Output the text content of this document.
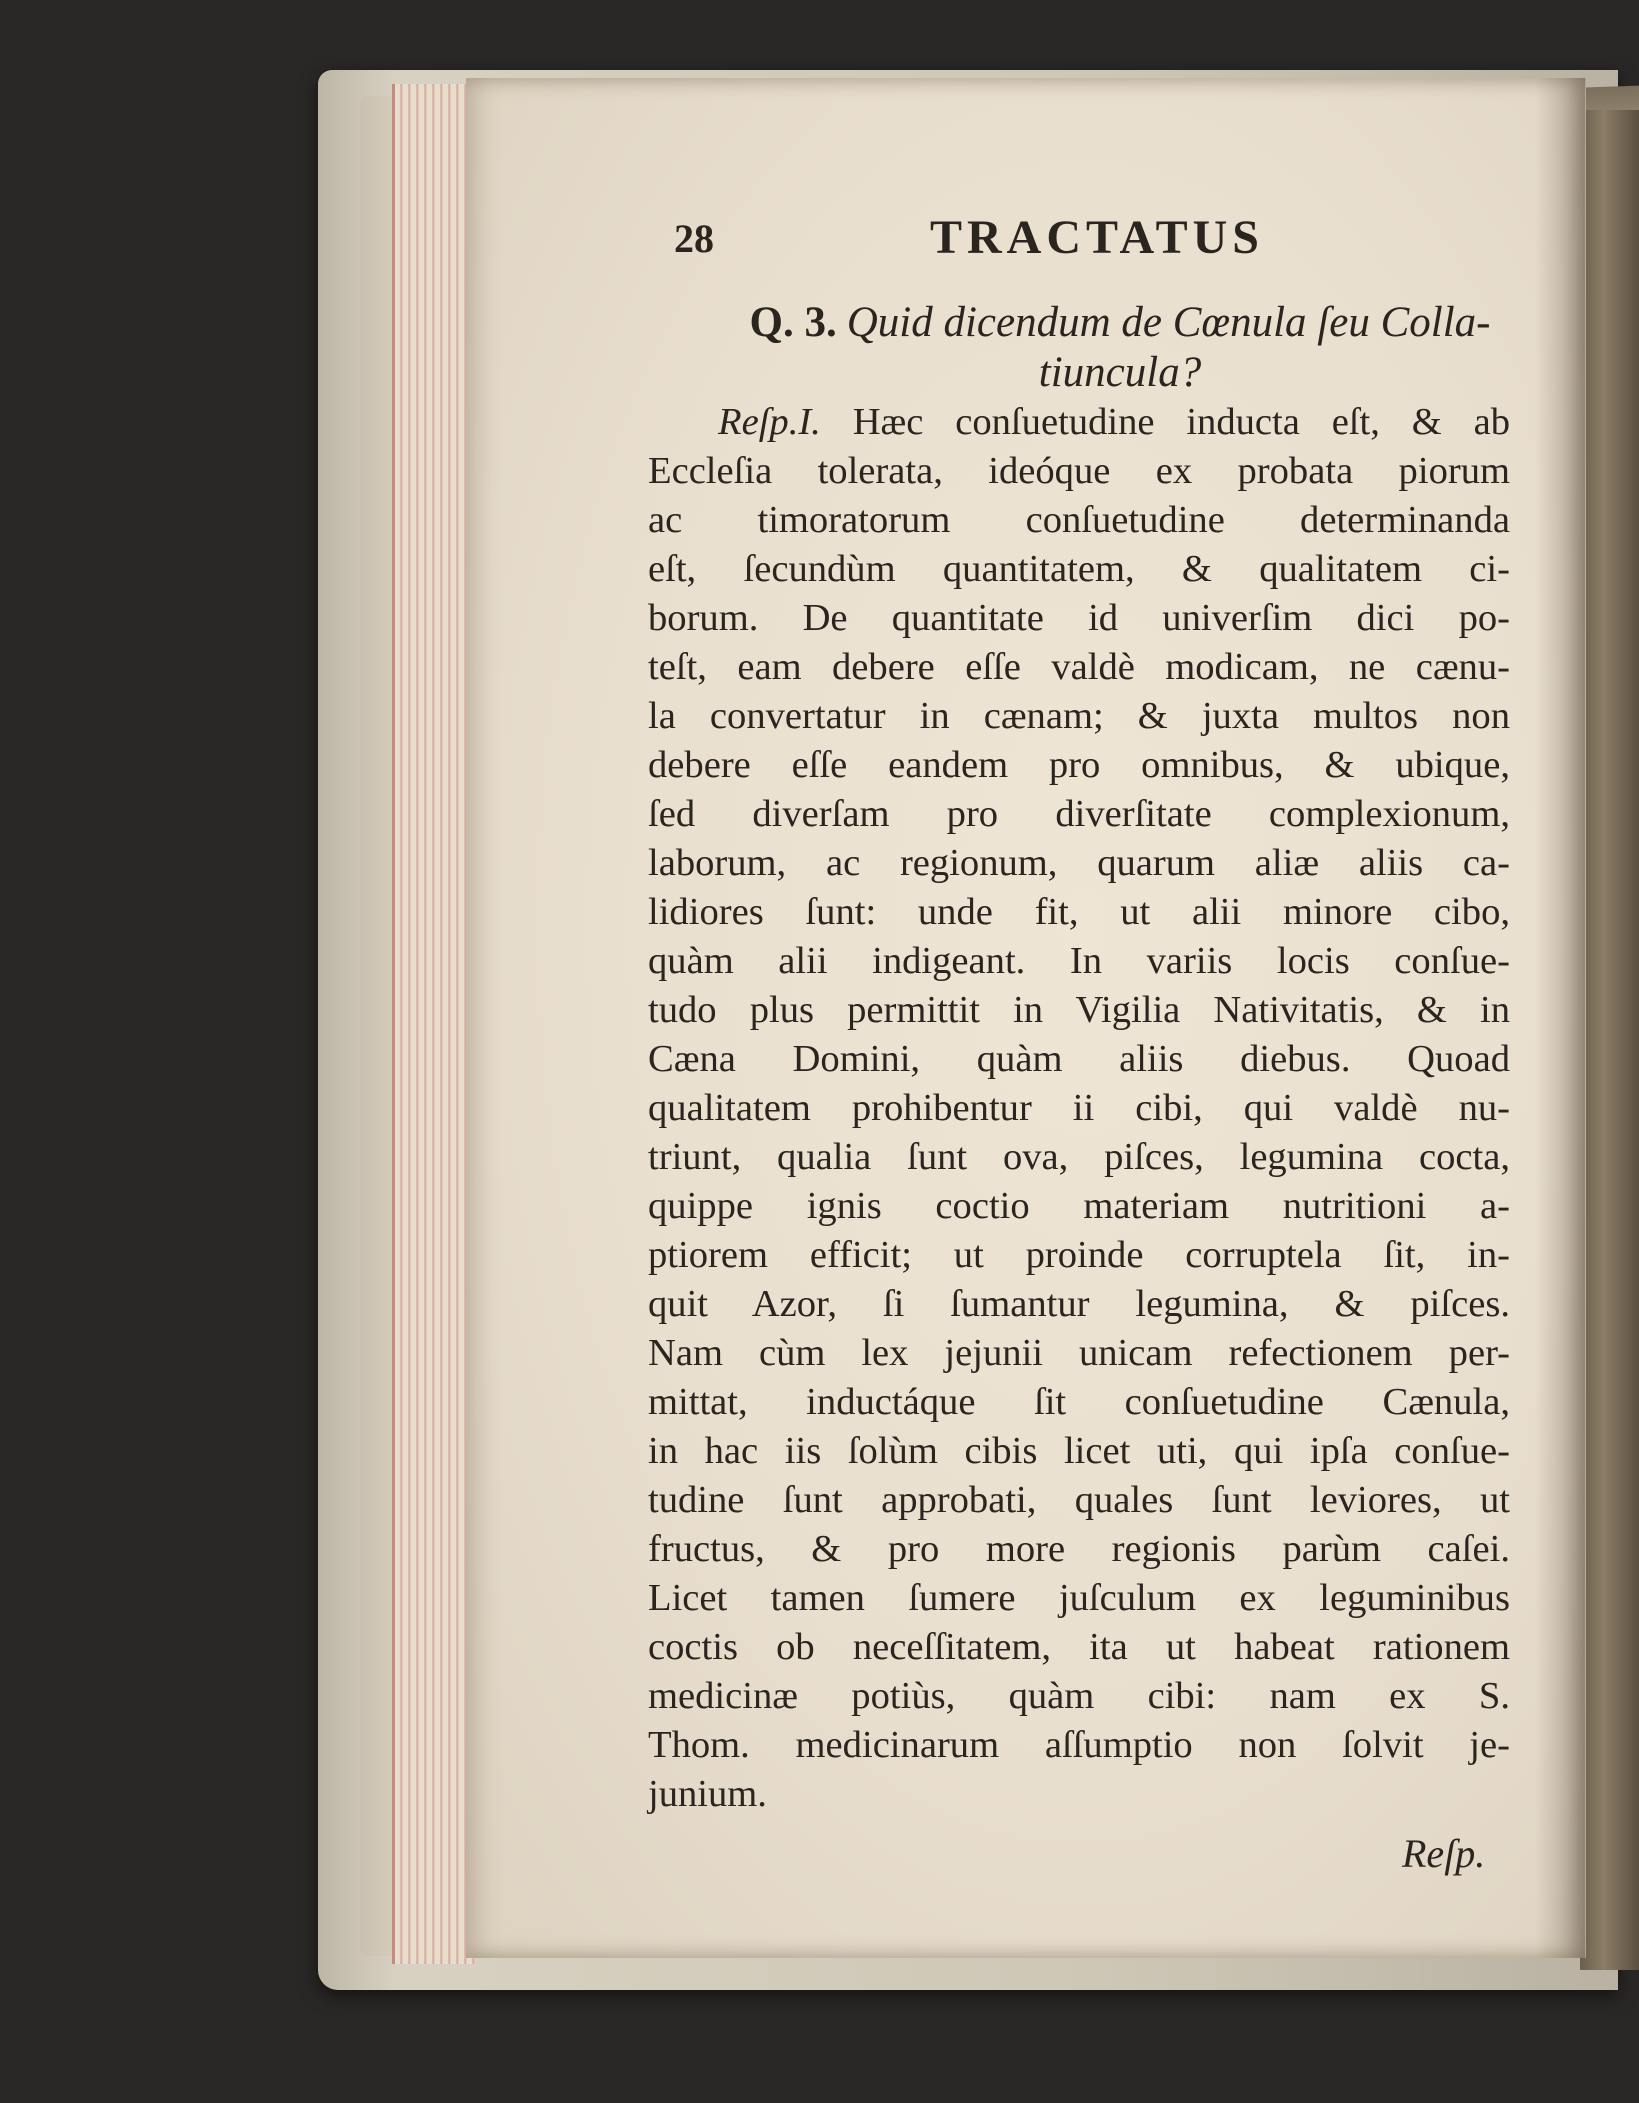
28	TRACTATUS
Q. 3. Quid dicendum de Cœnula ſeu Colla-
tiuncula?
Reſp.I. Hæc conſuetudine inducta eſt, & ab
Eccleſia tolerata, ideóque ex probata piorum
ac timoratorum conſuetudine determinanda
eſt, ſecundùm quantitatem, & qualitatem ci-
borum. De quantitate id univerſim dici po-
teſt, eam debere eſſe valdè modicam, ne cænu-
la convertatur in cænam; & juxta multos non
debere eſſe eandem pro omnibus, & ubique,
ſed diverſam pro diverſitate complexionum,
laborum, ac regionum, quarum aliæ aliis ca-
lidiores ſunt: unde fit, ut alii minore cibo,
quàm alii indigeant. In variis locis conſue-
tudo plus permittit in Vigilia Nativitatis, & in
Cæna Domini, quàm aliis diebus. Quoad
qualitatem prohibentur ii cibi, qui valdè nu-
triunt, qualia ſunt ova, piſces, legumina cocta,
quippe ignis coctio materiam nutritioni a-
ptiorem efficit; ut proinde corruptela ſit, in-
quit Azor, ſi ſumantur legumina, & piſces.
Nam cùm lex jejunii unicam refectionem per-
mittat, inductáque ſit conſuetudine Cænula,
in hac iis ſolùm cibis licet uti, qui ipſa conſue-
tudine ſunt approbati, quales ſunt leviores, ut
fructus, & pro more regionis parùm caſei.
Licet tamen ſumere juſculum ex leguminibus
coctis ob neceſſitatem, ita ut habeat rationem
medicinæ potiùs, quàm cibi: nam ex S.
Thom. medicinarum aſſumptio non ſolvit je-
junium.
Reſp.
